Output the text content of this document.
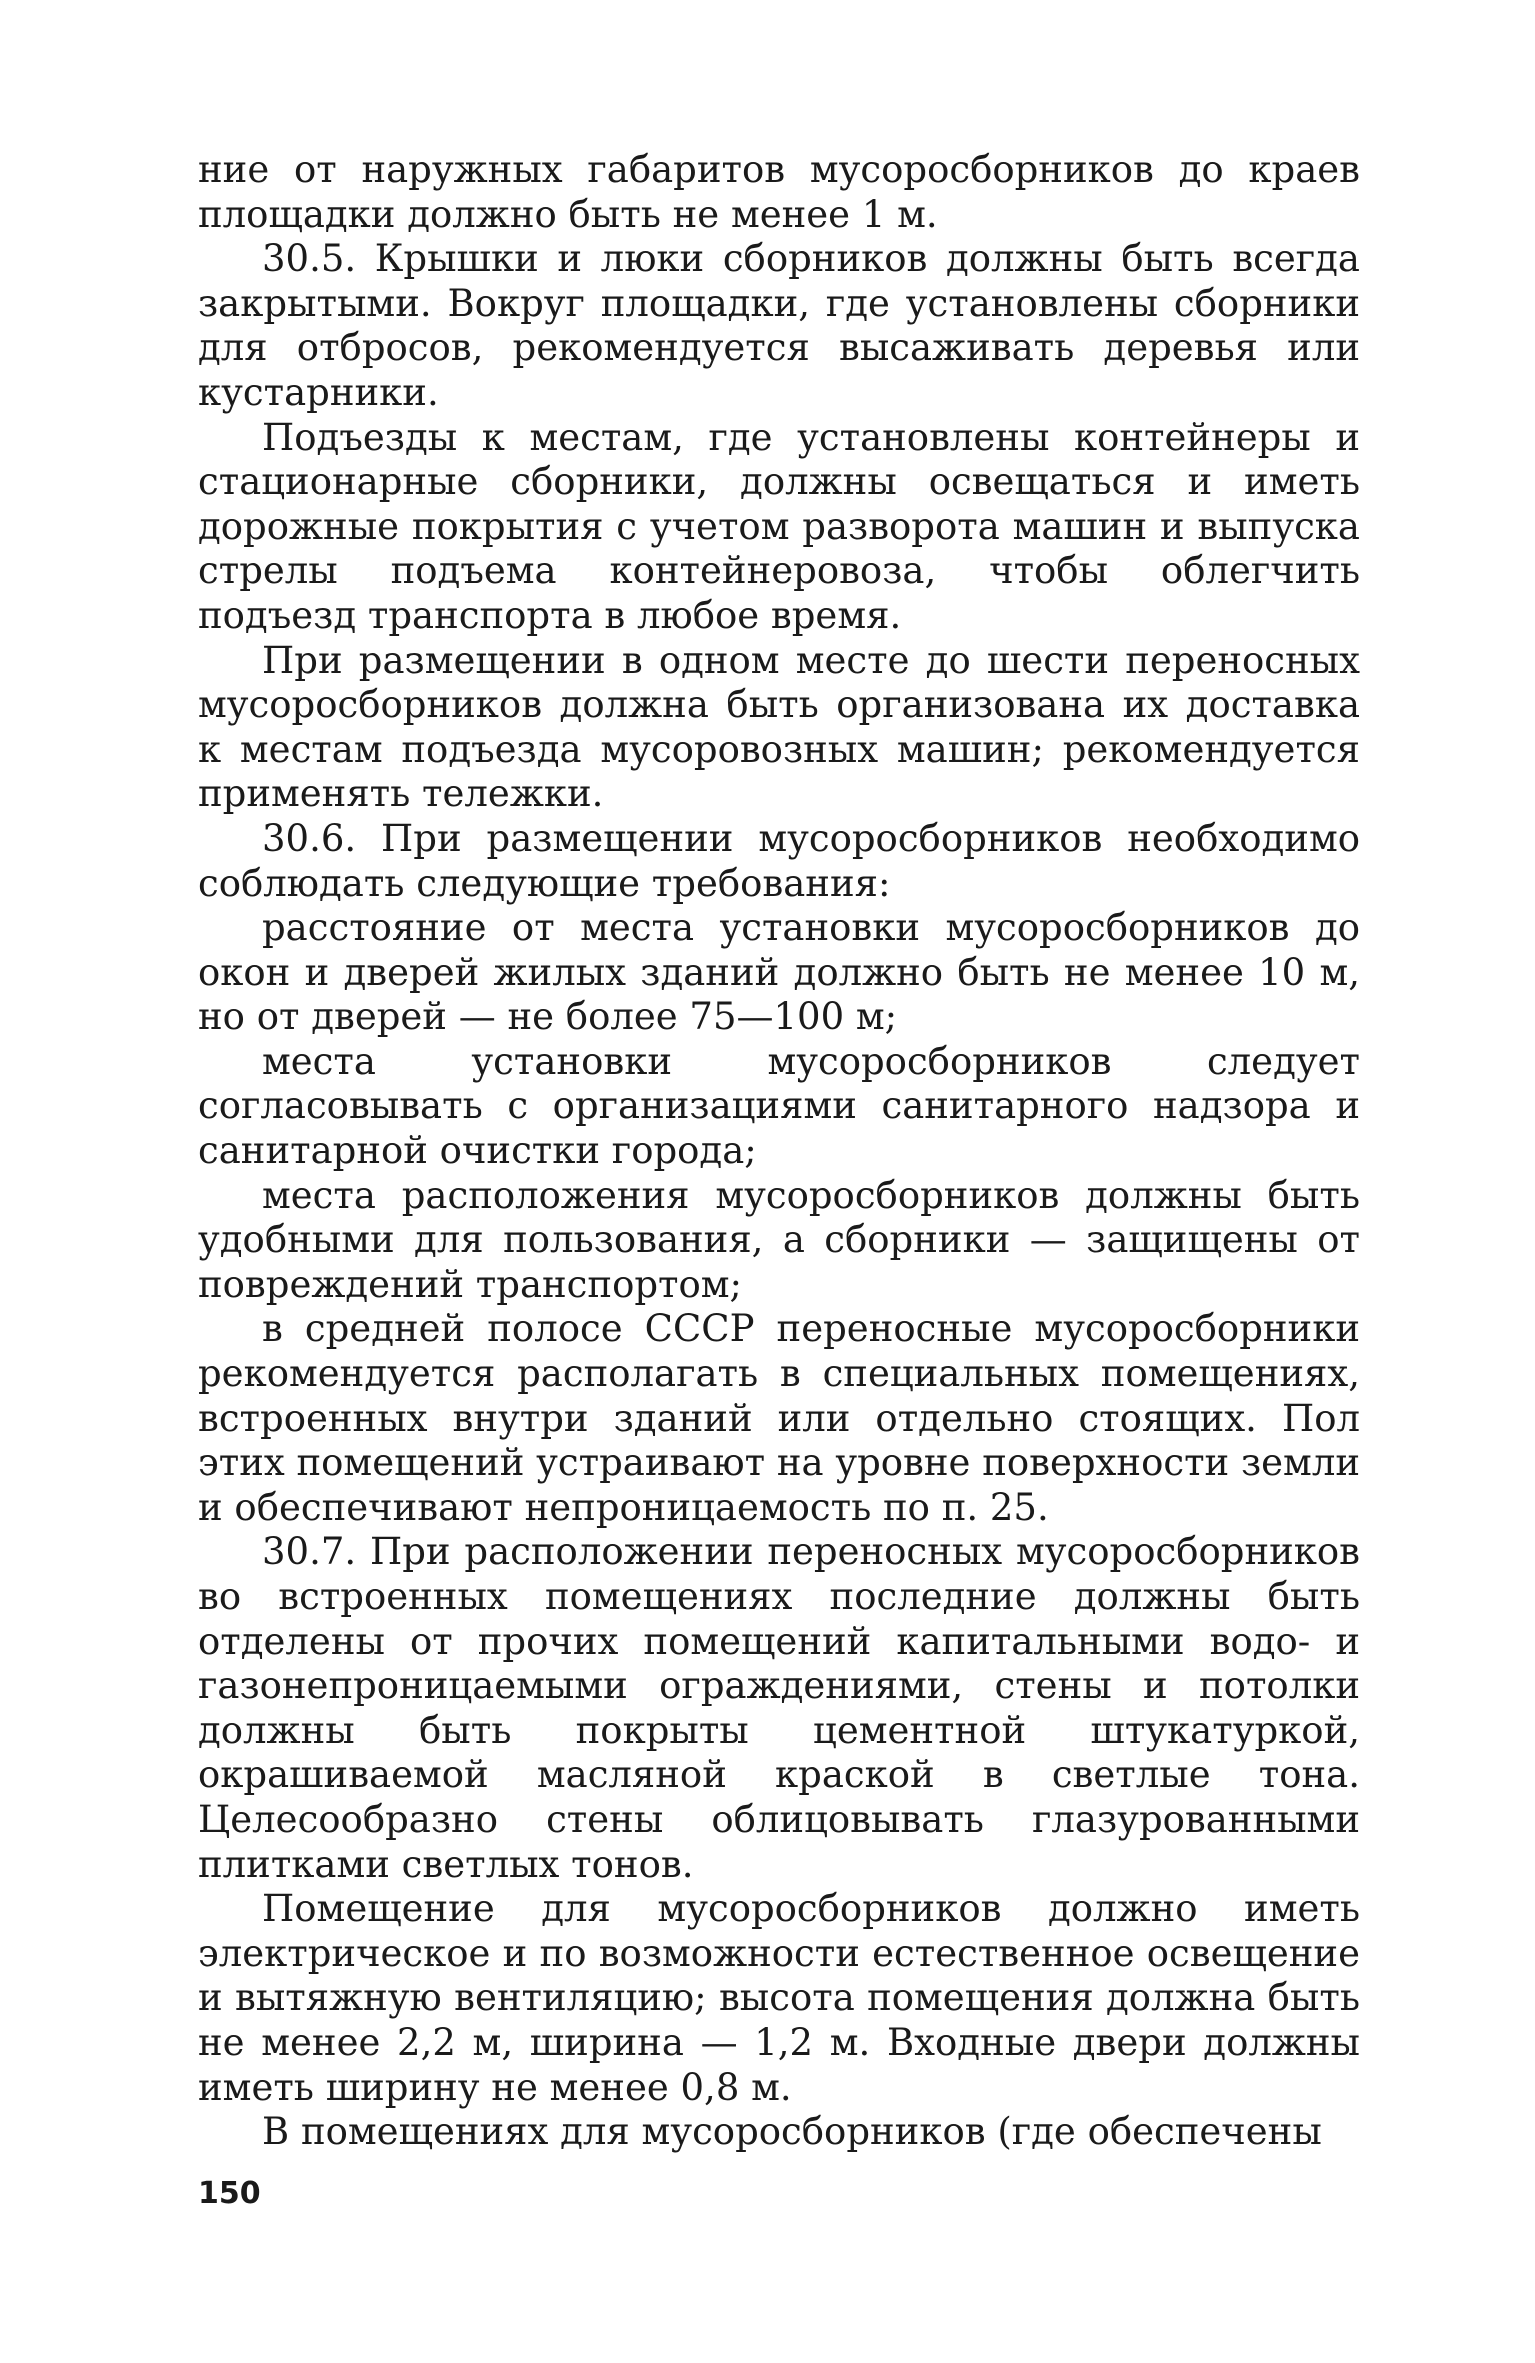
ние от наружных габаритов мусоросборников до краев площадки должно быть не менее 1 м.

30.5. Крышки и люки сборников должны быть всегда закрытыми. Вокруг площадки, где установлены сборники для отбросов, рекомендуется высаживать деревья или кустарники.

Подъезды к местам, где установлены контейнеры и стационарные сборники, должны освещаться и иметь дорожные покрытия с учетом разворота машин и выпуска стрелы подъема контейнеровоза, чтобы облегчить подъезд транспорта в любое время.

При размещении в одном месте до шести переносных мусоросборников должна быть организована их доставка к местам подъезда мусоровозных машин; рекомендуется применять тележки.

30.6. При размещении мусоросборников необходимо соблюдать следующие требования:

расстояние от места установки мусоросборников до окон и дверей жилых зданий должно быть не менее 10 м, но от дверей — не более 75—100 м;

места установки мусоросборников следует согласовывать с организациями санитарного надзора и санитарной очистки города;

места расположения мусоросборников должны быть удобными для пользования, а сборники — защищены от повреждений транспортом;

в средней полосе СССР переносные мусоросборники рекомендуется располагать в специальных помещениях, встроенных внутри зданий или отдельно стоящих. Пол этих помещений устраивают на уровне поверхности земли и обеспечивают непроницаемость по п. 25.

30.7. При расположении переносных мусоросборников во встроенных помещениях последние должны быть отделены от прочих помещений капитальными водо- и газонепроницаемыми ограждениями, стены и потолки должны быть покрыты цементной штукатуркой, окрашиваемой масляной краской в светлые тона. Целесообразно стены облицовывать глазурованными плитками светлых тонов.

Помещение для мусоросборников должно иметь электрическое и по возможности естественное освещение и вытяжную вентиляцию; высота помещения должна быть не менее 2,2 м, ширина — 1,2 м. Входные двери должны иметь ширину не менее 0,8 м.

В помещениях для мусоросборников (где обеспечены

150
